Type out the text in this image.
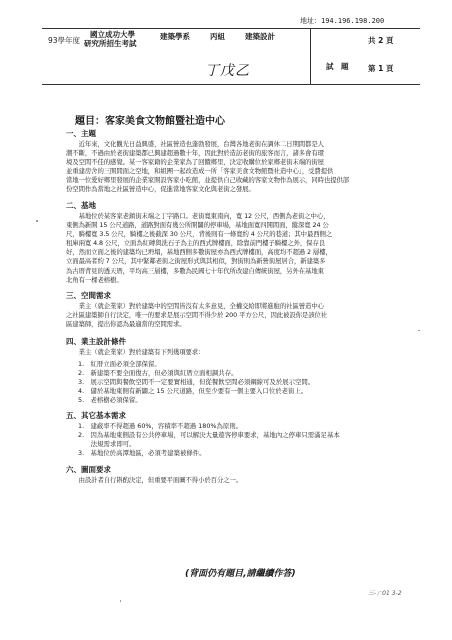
地址：194.196.198.200
93學年度
國立成功大學
研究所招生考試
建築學系	丙組	建築設計	共 2 頁
試　題	第 1 頁
丁戊乙
題目：客家美食文物館暨社造中心
一、主題
　　近年來，文化觀光日益興盛，社區營造也蓬勃發展，台灣各地老街在調休二日期間都是人
潮不斷，不過由於老街建築都已興建超過數十年，因此對於造訪老街的旅客而言，諸多會有環
境及空間不佳的感覺。某一客家籍的企業家為了回饋鄉里，決定收購位於家鄉老街末端的街屋
並重建房舍的三開間面之空地，和組團一起改造成一所「客家美食文物館暨社造中心」，受費提供
當地一位愛好鄉里發展的企業家開設客家小吃館，並提供自己收藏的客家文物作為展示，同時也提供部
份空間作為當地之社區營造中心，促進當地客家文化與老街之發展。
二、基地
　　基地位於某客家老鎮街末端之丁字路口。老街寬東南向，寬 12 公尺，西側為老街之中心，
東側為新開 15 公尺道路，道路對面有幾公所開闢的停車場，基地面寬四開間面，縱深寬 24 公
尺，騎樓寬 3.5 公尺，騎樓之後截深 30 公尺，背後則有一條寬約 4 公尺的巷道；其中最西側之
租庫兩寬 4.8 公尺，立面為紅磚與洗石子為主的西式牌樓面，除靠前門樓子騎樓之外，保存良
好，然而立面之後的建築均已坍塌，基地西側多數街屋亦為西式牌樓面，高度均不超過 2 層樓，
立面最高者約 7 公尺，其中緊鄰老街之街屋形式與其相似，對街則為新營街屋居合，新建築多
為古厝背見的透天厝，平均高三層樓，多數為民國七十年代所改建自傳統街屋，另外在基地東
北角有一棵老榕樹。
三、空間需求
　　業主（就企業家）對於建築中的空間皆沒有太多意見，全權交給即將進駐的社區營造中心
之社區建築師自行決定，唯一的要求是展示空間不得少於 200 平方公尺，因此被設你是該位社
區建築師，提出你認為最適當的空間需求。
四、業主設計條件
　　業主（就企業家）對於建築有下列幾項要求：
1.　紅厝立面必須全部保留。
2.　新建築不要全面復古，但必須與紅厝立面相調共存。
3.　展示空間與餐飲空間不一定要實相通，但從餐飲空間必須鋼線可及於展示空間。
4.　儲於基地東側有新闢之 15 公尺道路，但至少要有一個主要入口位於老街上。
5.　老榕樹必須保留。
五、其它基本需求
1.　建蔽率不得超過 60%，容積率不超過 180%為原則。
2.　因為基地東側設有公共停車場，可以解決大量遊客停車要求，基地內之停車只需滿足基本
　　法規需求即可。
3.　基地位於高潭地區，必須考建築被條件。
六、圖面要求
　　由設計者自行斟酌決定，但重要平面圖不得小於百分之一。
(背面仍有題目,請繼續作答)
三-ㄏ01 3-2
